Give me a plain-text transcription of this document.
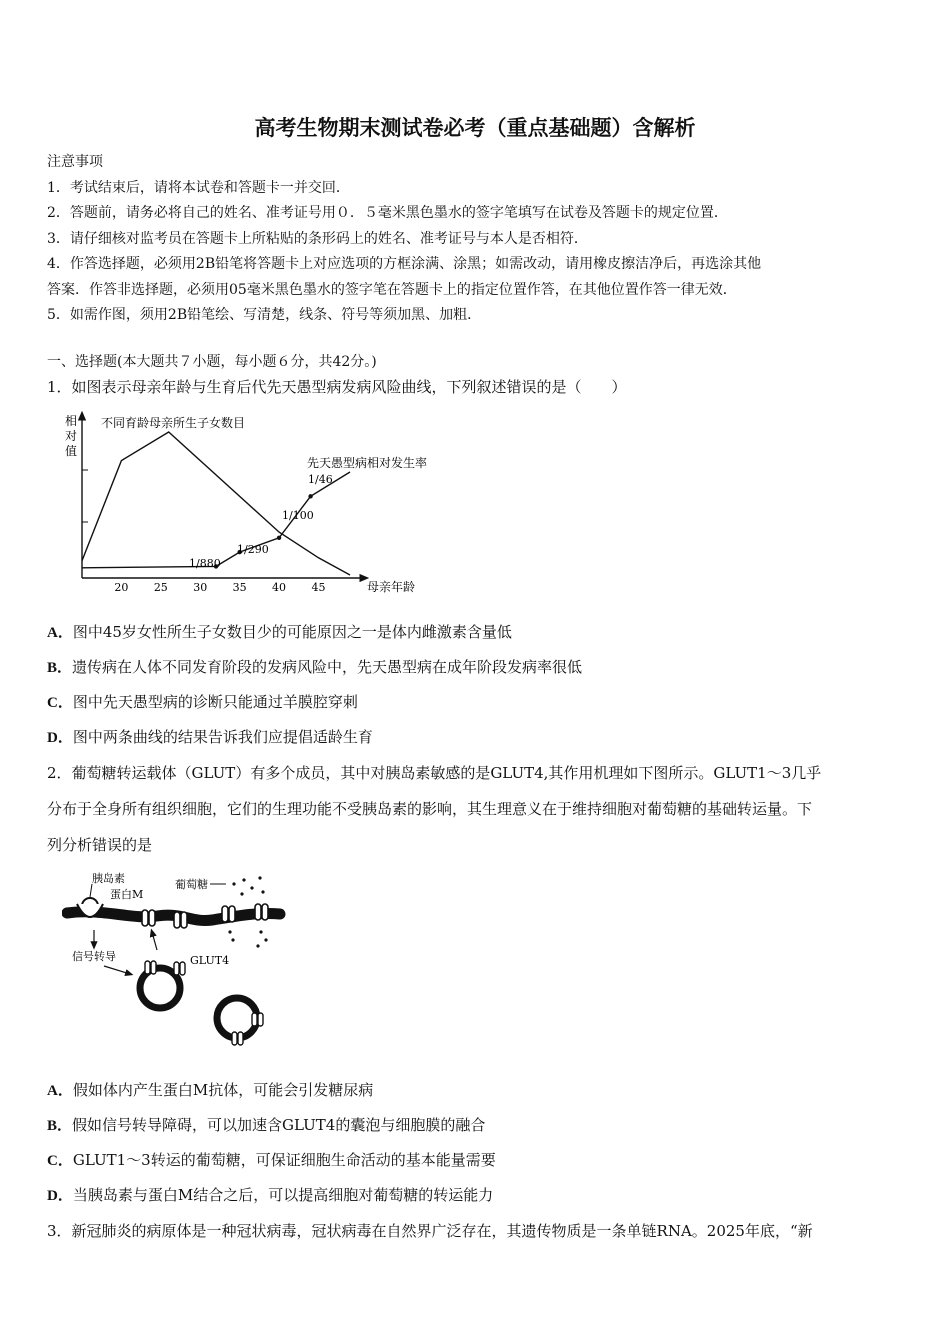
高考生物期末测试卷必考（重点基础题）含解析
注意事项
1．考试结束后，请将本试卷和答题卡一并交回．
2．答题前，请务必将自己的姓名、准考证号用０．５毫米黑色墨水的签字笔填写在试卷及答题卡的规定位置．
3．请仔细核对监考员在答题卡上所粘贴的条形码上的姓名、准考证号与本人是否相符．
4．作答选择题，必须用2B铅笔将答题卡上对应选项的方框涂满、涂黑；如需改动，请用橡皮擦洁净后，再选涂其他
答案．作答非选择题，必须用05毫米黑色墨水的签字笔在答题卡上的指定位置作答，在其他位置作答一律无效．
5．如需作图，须用2B铅笔绘、写清楚，线条、符号等须加黑、加粗．
一、选择题(本大题共７小题，每小题６分，共42分。)
1．如图表示母亲年龄与生育后代先天愚型病发病风险曲线，下列叙述错误的是（　　）
相
对
值
母亲年龄
20 25 30 35 40 45
不同育龄母亲所生子女数目
先天愚型病相对发生率
1/46
1/100
1/290
1/880
A．图中45岁女性所生子女数目少的可能原因之一是体内雌激素含量低
B．遗传病在人体不同发育阶段的发病风险中，先天愚型病在成年阶段发病率很低
C．图中先天愚型病的诊断只能通过羊膜腔穿刺
D．图中两条曲线的结果告诉我们应提倡适龄生育
2．葡萄糖转运载体（GLUT）有多个成员，其中对胰岛素敏感的是GLUT4,其作用机理如下图所示。GLUT1～3几乎
分布于全身所有组织细胞，它们的生理功能不受胰岛素的影响，其生理意义在于维持细胞对葡萄糖的基础转运量。下
列分析错误的是
胰岛素
蛋白M
葡萄糖
信号转导	GLUT4
A．假如体内产生蛋白M抗体，可能会引发糖尿病
B．假如信号转导障碍，可以加速含GLUT4的囊泡与细胞膜的融合
C．GLUT1～3转运的葡萄糖，可保证细胞生命活动的基本能量需要
D．当胰岛素与蛋白M结合之后，可以提高细胞对葡萄糖的转运能力
3．新冠肺炎的病原体是一种冠状病毒，冠状病毒在自然界广泛存在，其遗传物质是一条单链RNA。2025年底，“新
